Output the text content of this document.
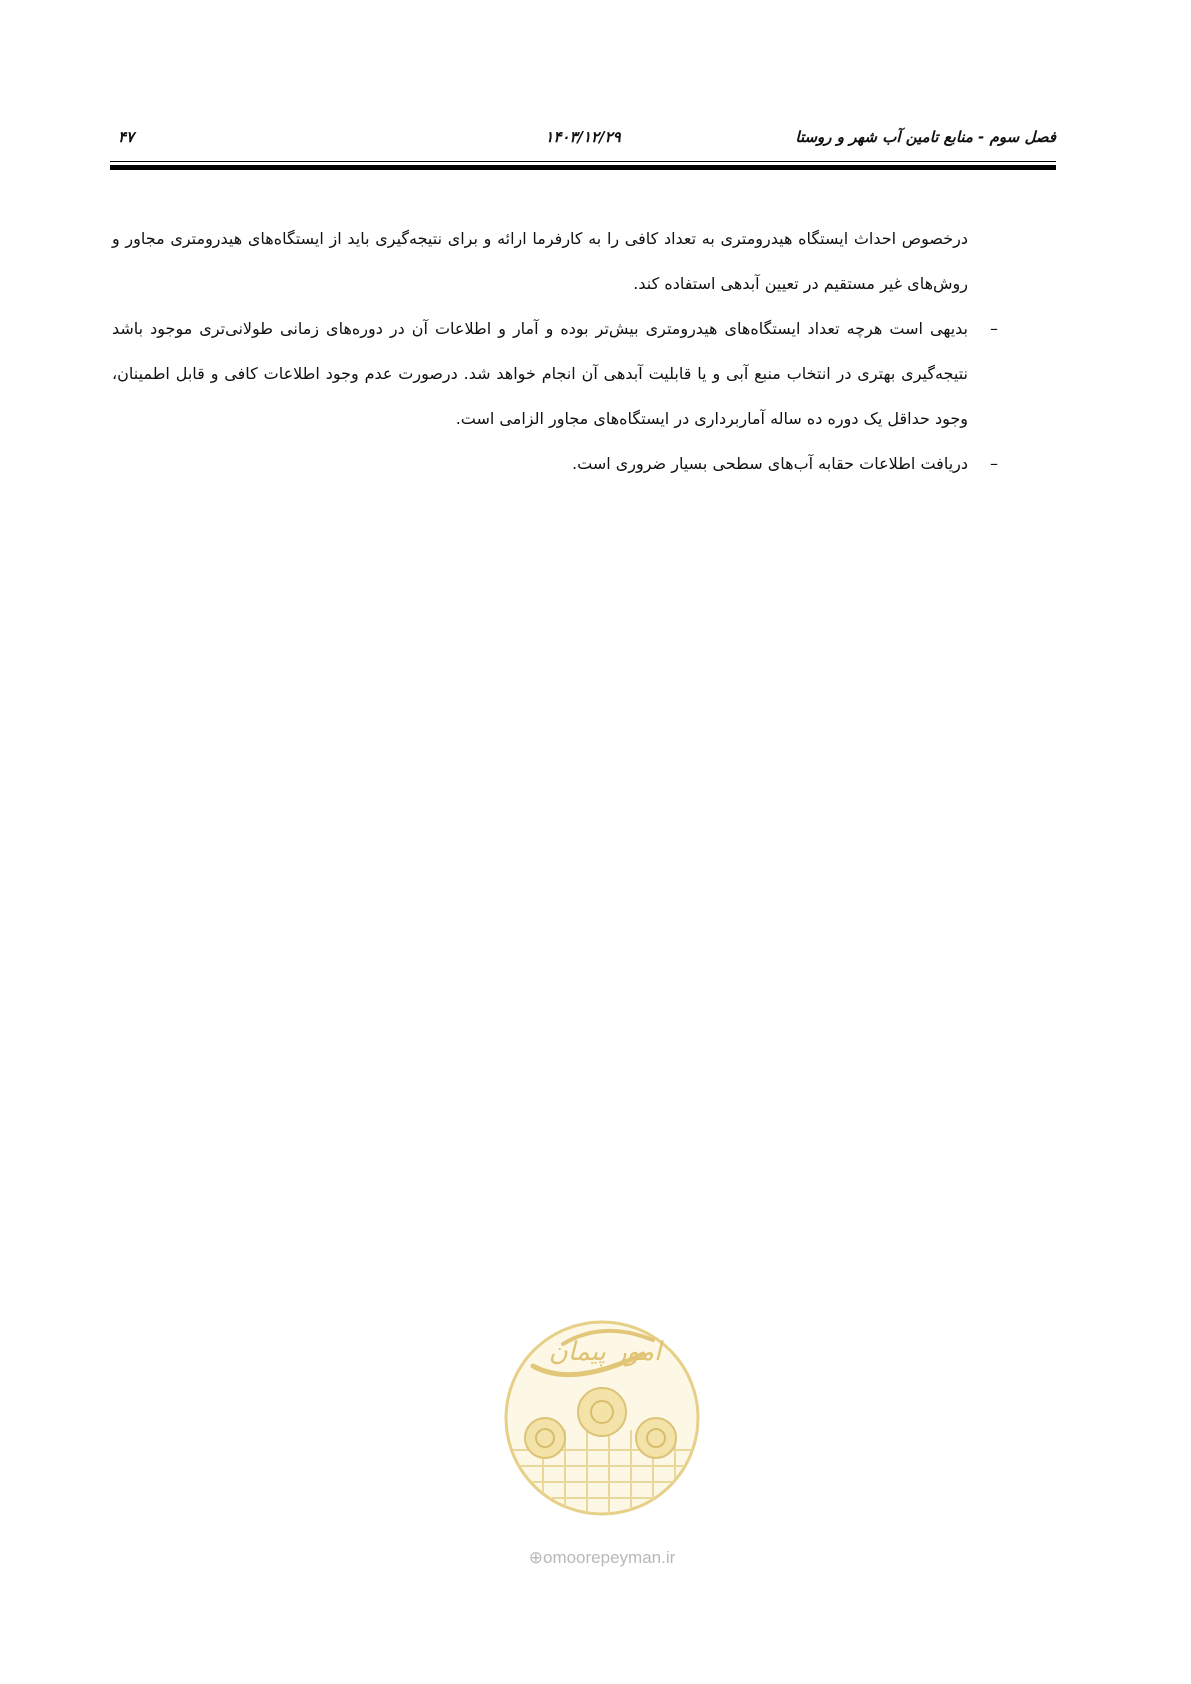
فصل سوم - منابع تامین آب شهر و روستا
۱۴۰۳/۱۲/۲۹
۴۷

درخصوص احداث ایستگاه هیدرومتری به تعداد کافی را به کارفرما ارائه و برای نتیجه‌گیری باید از ایستگاه‌های هیدرومتری مجاور و روش‌های غیر مستقیم در تعیین آبدهی استفاده کند.

–
بدیهی است هرچه تعداد ایستگاه‌های هیدرومتری بیش‌تر بوده و آمار و اطلاعات آن در دوره‌های زمانی طولانی‌تری موجود باشد نتیجه‌گیری بهتری در انتخاب منبع آبی و یا قابلیت آبدهی آن انجام خواهد شد. درصورت عدم وجود اطلاعات کافی و قابل اطمینان، وجود حداقل یک دوره ده ساله آماربرداری در ایستگاه‌های مجاور الزامی است.
–
دریافت اطلاعات حقابه آب‌های سطحی بسیار ضروری است.
امور پیمان
⊕omoorepeyman.ir
